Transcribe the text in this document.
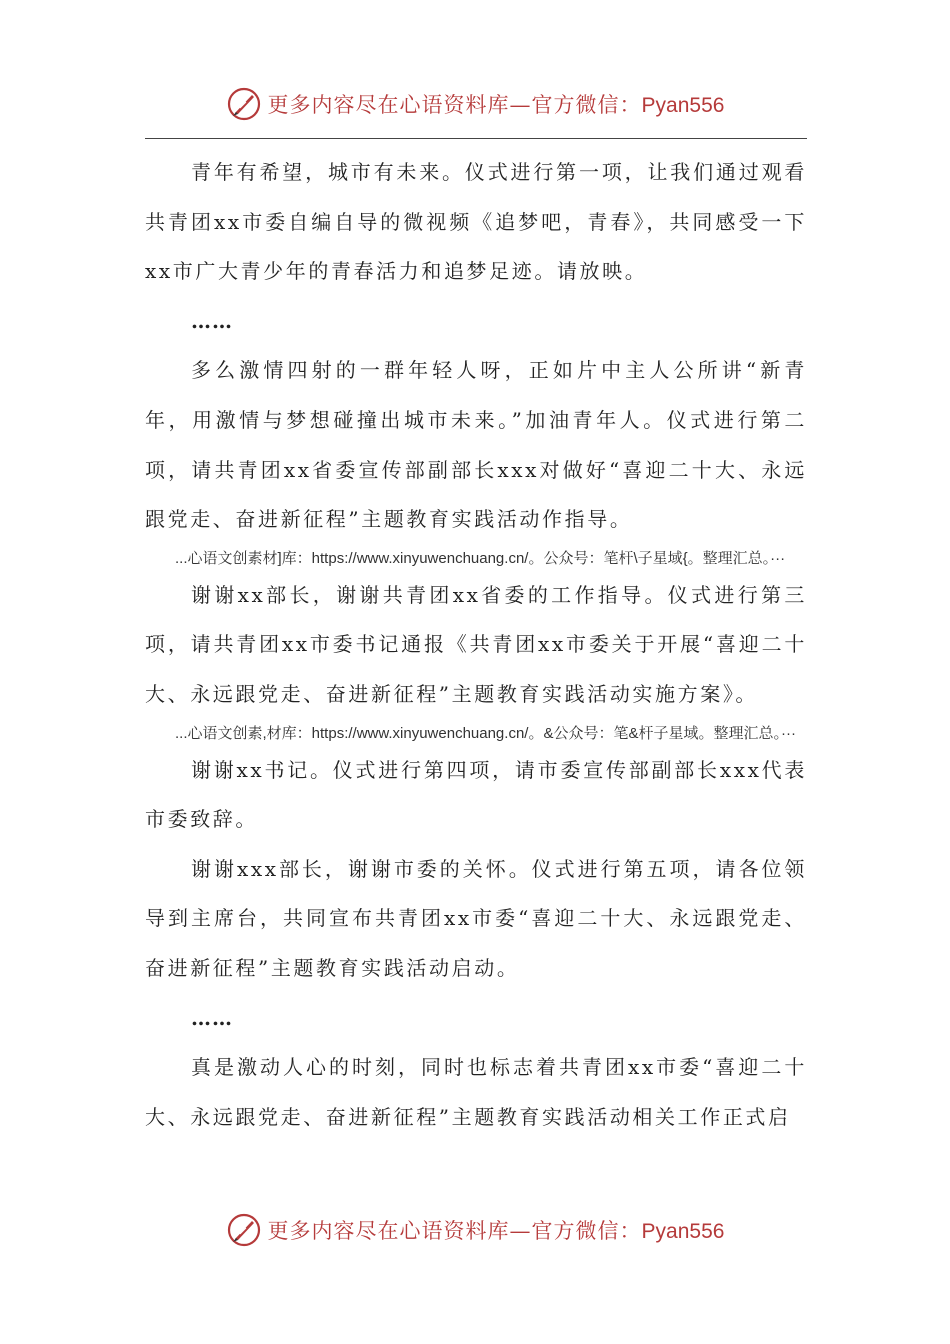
更多内容尽在心语资料库—官方微信：Pyan556

青年有希望，城市有未来。仪式进行第一项，让我们通过观看共青团xx市委自编自导的微视频《追梦吧，青春》，共同感受一下xx市广大青少年的青春活力和追梦足迹。请放映。

……

多么激情四射的一群年轻人呀，正如片中主人公所讲“新青年，用激情与梦想碰撞出城市未来。”加油青年人。仪式进行第二项，请共青团xx省委宣传部副部长xxx对做好“喜迎二十大、永远跟党走、奋进新征程”主题教育实践活动作指导。

...心语文创素材]库：https://www.xinyuwenchuang.cn/。公众号：笔杆\子星域{。整理汇总。···

谢谢xx部长，谢谢共青团xx省委的工作指导。仪式进行第三项，请共青团xx市委书记通报《共青团xx市委关于开展“喜迎二十大、永远跟党走、奋进新征程”主题教育实践活动实施方案》。

...心语文创素,材库：https://www.xinyuwenchuang.cn/。&公众号：笔&杆子星域。整理汇总。···

谢谢xx书记。仪式进行第四项，请市委宣传部副部长xxx代表市委致辞。

谢谢xxx部长，谢谢市委的关怀。仪式进行第五项，请各位领导到主席台，共同宣布共青团xx市委“喜迎二十大、永远跟党走、奋进新征程”主题教育实践活动启动。

……

真是激动人心的时刻，同时也标志着共青团xx市委“喜迎二十大、永远跟党走、奋进新征程”主题教育实践活动相关工作正式启

更多内容尽在心语资料库—官方微信：Pyan556
